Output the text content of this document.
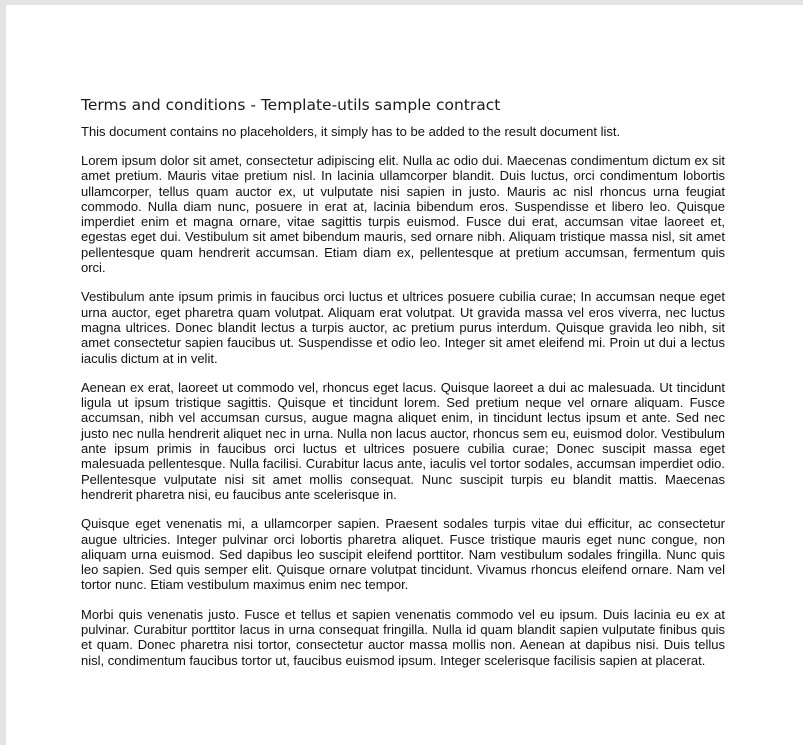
Terms and conditions - Template-utils sample contract

This document contains no placeholders, it simply has to be added to the result document list.

Lorem ipsum dolor sit amet, consectetur adipiscing elit. Nulla ac odio dui. Maecenas condimentum dictum ex sit amet pretium. Mauris vitae pretium nisl. In lacinia ullamcorper blandit. Duis luctus, orci condimentum lobortis ullamcorper, tellus quam auctor ex, ut vulputate nisi sapien in justo. Mauris ac nisl rhoncus urna feugiat commodo. Nulla diam nunc, posuere in erat at, lacinia bibendum eros. Suspendisse et libero leo. Quisque imperdiet enim et magna ornare, vitae sagittis turpis euismod. Fusce dui erat, accumsan vitae laoreet et, egestas eget dui. Vestibulum sit amet bibendum mauris, sed ornare nibh. Aliquam tristique massa nisl, sit amet pellentesque quam hendrerit accumsan. Etiam diam ex, pellentesque at pretium accumsan, fermentum quis orci.

Vestibulum ante ipsum primis in faucibus orci luctus et ultrices posuere cubilia curae; In accumsan neque eget urna auctor, eget pharetra quam volutpat. Aliquam erat volutpat. Ut gravida massa vel eros viverra, nec luctus magna ultrices. Donec blandit lectus a turpis auctor, ac pretium purus interdum. Quisque gravida leo nibh, sit amet consectetur sapien faucibus ut. Suspendisse et odio leo. Integer sit amet eleifend mi. Proin ut dui a lectus iaculis dictum at in velit.

Aenean ex erat, laoreet ut commodo vel, rhoncus eget lacus. Quisque laoreet a dui ac malesuada. Ut tincidunt ligula ut ipsum tristique sagittis. Quisque et tincidunt lorem. Sed pretium neque vel ornare aliquam. Fusce accumsan, nibh vel accumsan cursus, augue magna aliquet enim, in tincidunt lectus ipsum et ante. Sed nec justo nec nulla hendrerit aliquet nec in urna. Nulla non lacus auctor, rhoncus sem eu, euismod dolor. Vestibulum ante ipsum primis in faucibus orci luctus et ultrices posuere cubilia curae; Donec suscipit massa eget malesuada pellentesque. Nulla facilisi. Curabitur lacus ante, iaculis vel tortor sodales, accumsan imperdiet odio. Pellentesque vulputate nisi sit amet mollis consequat. Nunc suscipit turpis eu blandit mattis. Maecenas hendrerit pharetra nisi, eu faucibus ante scelerisque in.

Quisque eget venenatis mi, a ullamcorper sapien. Praesent sodales turpis vitae dui efficitur, ac consectetur augue ultricies. Integer pulvinar orci lobortis pharetra aliquet. Fusce tristique mauris eget nunc congue, non aliquam urna euismod. Sed dapibus leo suscipit eleifend porttitor. Nam vestibulum sodales fringilla. Nunc quis leo sapien. Sed quis semper elit. Quisque ornare volutpat tincidunt. Vivamus rhoncus eleifend ornare. Nam vel tortor nunc. Etiam vestibulum maximus enim nec tempor.

Morbi quis venenatis justo. Fusce et tellus et sapien venenatis commodo vel eu ipsum. Duis lacinia eu ex at pulvinar. Curabitur porttitor lacus in urna consequat fringilla. Nulla id quam blandit sapien vulputate finibus quis et quam. Donec pharetra nisi tortor, consectetur auctor massa mollis non. Aenean at dapibus nisi. Duis tellus nisl, condimentum faucibus tortor ut, faucibus euismod ipsum. Integer scelerisque facilisis sapien at placerat.
